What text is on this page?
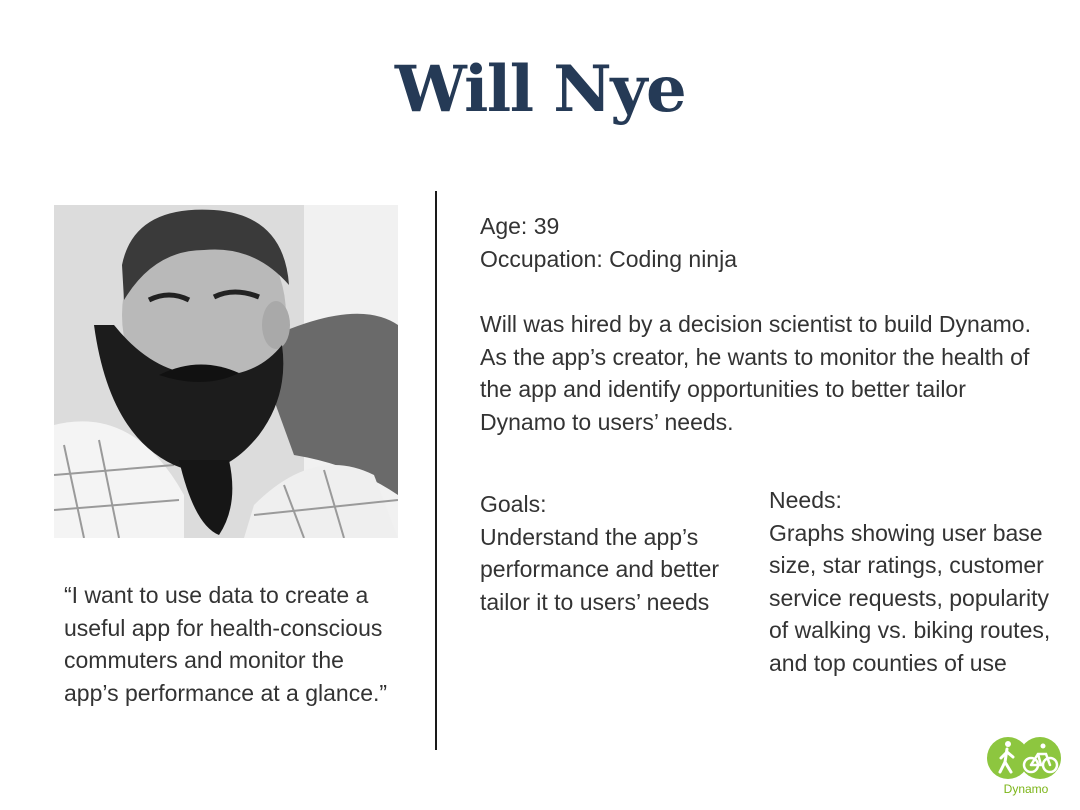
Will Nye
“I want to use data to create a useful app for health-conscious commuters and monitor the app’s performance at a glance.”
Age: 39
Occupation: Coding ninja
Will was hired by a decision scientist to build Dynamo. As the app’s creator, he wants to monitor the health of the app and identify opportunities to better tailor Dynamo to users’ needs.
Goals:
Understand the app’s performance and better tailor it to users’ needs
Needs:
Graphs showing user base size, star ratings, customer service requests, popularity of walking vs. biking routes, and top counties of use
Dynamo
